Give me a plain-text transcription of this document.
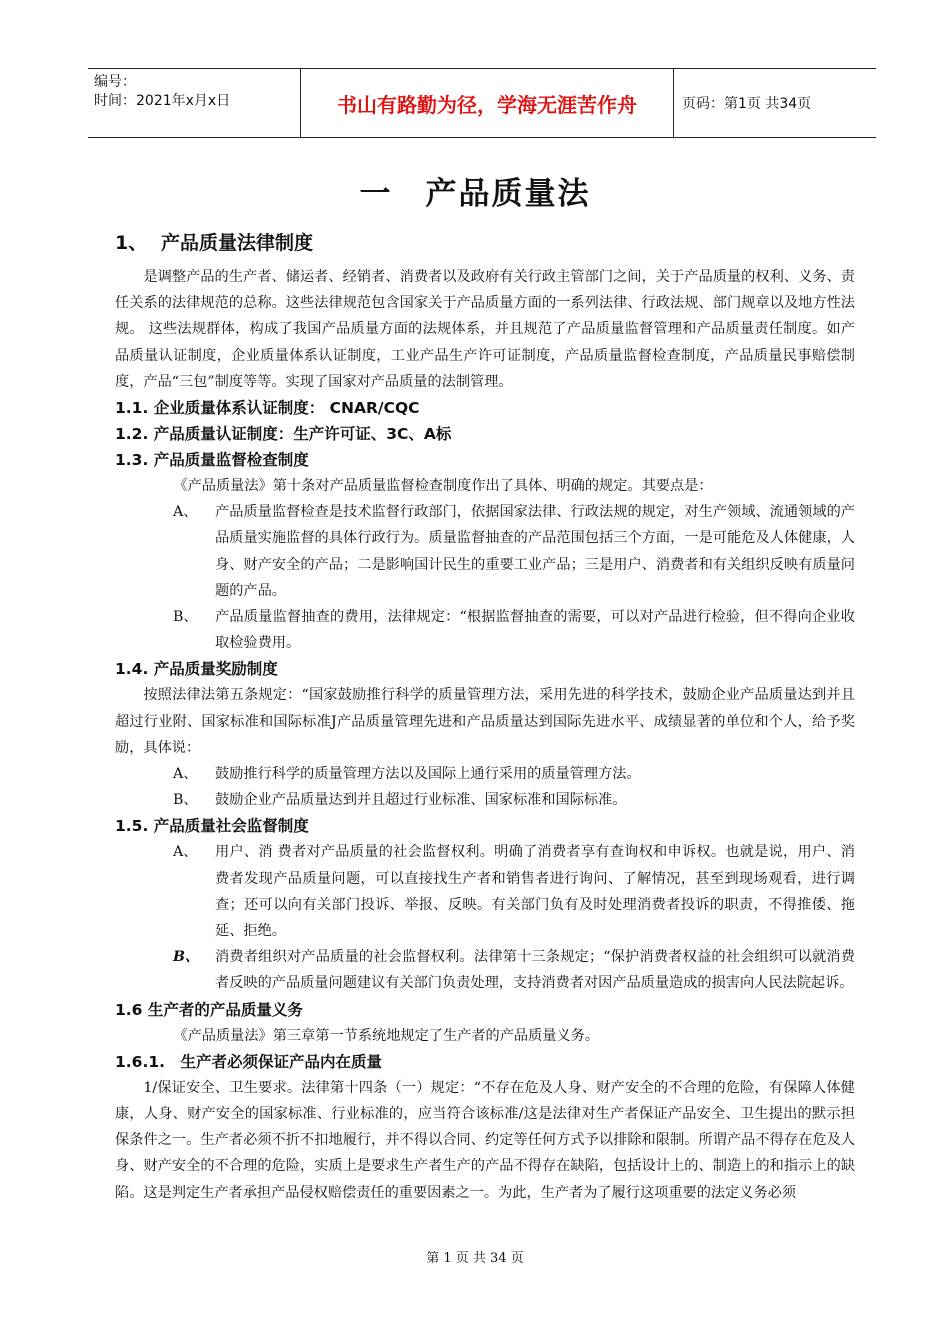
编号：
时间：2021年x月x日	书山有路勤为径，学海无涯苦作舟	页码：第1页 共34页
一　产品质量法
1、 产品质量法律制度
是调整产品的生产者、储运者、经销者、消费者以及政府有关行政主管部门之间，关于产品质量的权利、义务、责任关系的法律规范的总称。这些法律规范包含国家关于产品质量方面的一系列法律、行政法规、部门规章以及地方性法规。 这些法规群体，构成了我国产品质量方面的法规体系，并且规范了产品质量监督管理和产品质量责任制度。如产品质量认证制度，企业质量体系认证制度，工业产品生产许可证制度，产品质量监督检查制度，产品质量民事赔偿制度，产品“三包”制度等等。实现了国家对产品质量的法制管理。
1.1. 企业质量体系认证制度： CNAR/CQC
1.2. 产品质量认证制度：生产许可证、3C、A标
1.3. 产品质量监督检查制度
《产品质量法》第十条对产品质量监督检查制度作出了具体、明确的规定。其要点是：
A、	产品质量监督检查是技术监督行政部门，依据国家法律、行政法规的规定，对生产领域、流通领域的产品质量实施监督的具体行政行为。质量监督抽查的产品范围包括三个方面，一是可能危及人体健康，人身、财产安全的产品；二是影响国计民生的重要工业产品；三是用户、消费者和有关组织反映有质量问题的产品。
B、	产品质量监督抽查的费用，法律规定：“根据监督抽查的需要，可以对产品进行检验，但不得向企业收取检验费用。
1.4. 产品质量奖励制度
按照法律法第五条规定：“国家鼓励推行科学的质量管理方法，采用先进的科学技术，鼓励企业产品质量达到并且超过行业附、国家标准和国际标准J产品质量管理先进和产品质量达到国际先进水平、成绩显著的单位和个人，给予奖励，具体说：
A、	鼓励推行科学的质量管理方法以及国际上通行采用的质量管理方法。
B、	鼓励企业产品质量达到并且超过行业标准、国家标准和国际标准。
1.5. 产品质量社会监督制度
A、	用户、消 费者对产品质量的社会监督权利。明确了消费者享有查询权和申诉权。也就是说，用户、消费者发现产品质量问题，可以直接找生产者和销售者进行询问、了解情况，甚至到现场观看，进行调查；还可以向有关部门投诉、举报、反映。有关部门负有及时处理消费者投诉的职责，不得推倭、拖延、拒绝。
B、	消费者组织对产品质量的社会监督权利。法律第十三条规定；“保护消费者权益的社会组织可以就消费者反映的产品质量问题建议有关部门负责处理，支持消费者对因产品质量造成的损害向人民法院起诉。
1.6 生产者的产品质量义务
《产品质量法》第三章第一节系统地规定了生产者的产品质量义务。
1.6.1.　生产者必须保证产品内在质量
1/保证安全、卫生要求。法律第十四条（一）规定：“不存在危及人身、财产安全的不合理的危险，有保障人体健康，人身、财产安全的国家标准、行业标准的，应当符合该标准/这是法律对生产者保证产品安全、卫生提出的默示担保条件之一。生产者必须不折不扣地履行，并不得以合同、约定等任何方式予以排除和限制。所谓产品不得存在危及人身、财产安全的不合理的危险，实质上是要求生产者生产的产品不得存在缺陷，包括设计上的、制造上的和指示上的缺陷。这是判定生产者承担产品侵权赔偿责任的重要因素之一。为此，生产者为了履行这项重要的法定义务必须
第 1 页 共 34 页
